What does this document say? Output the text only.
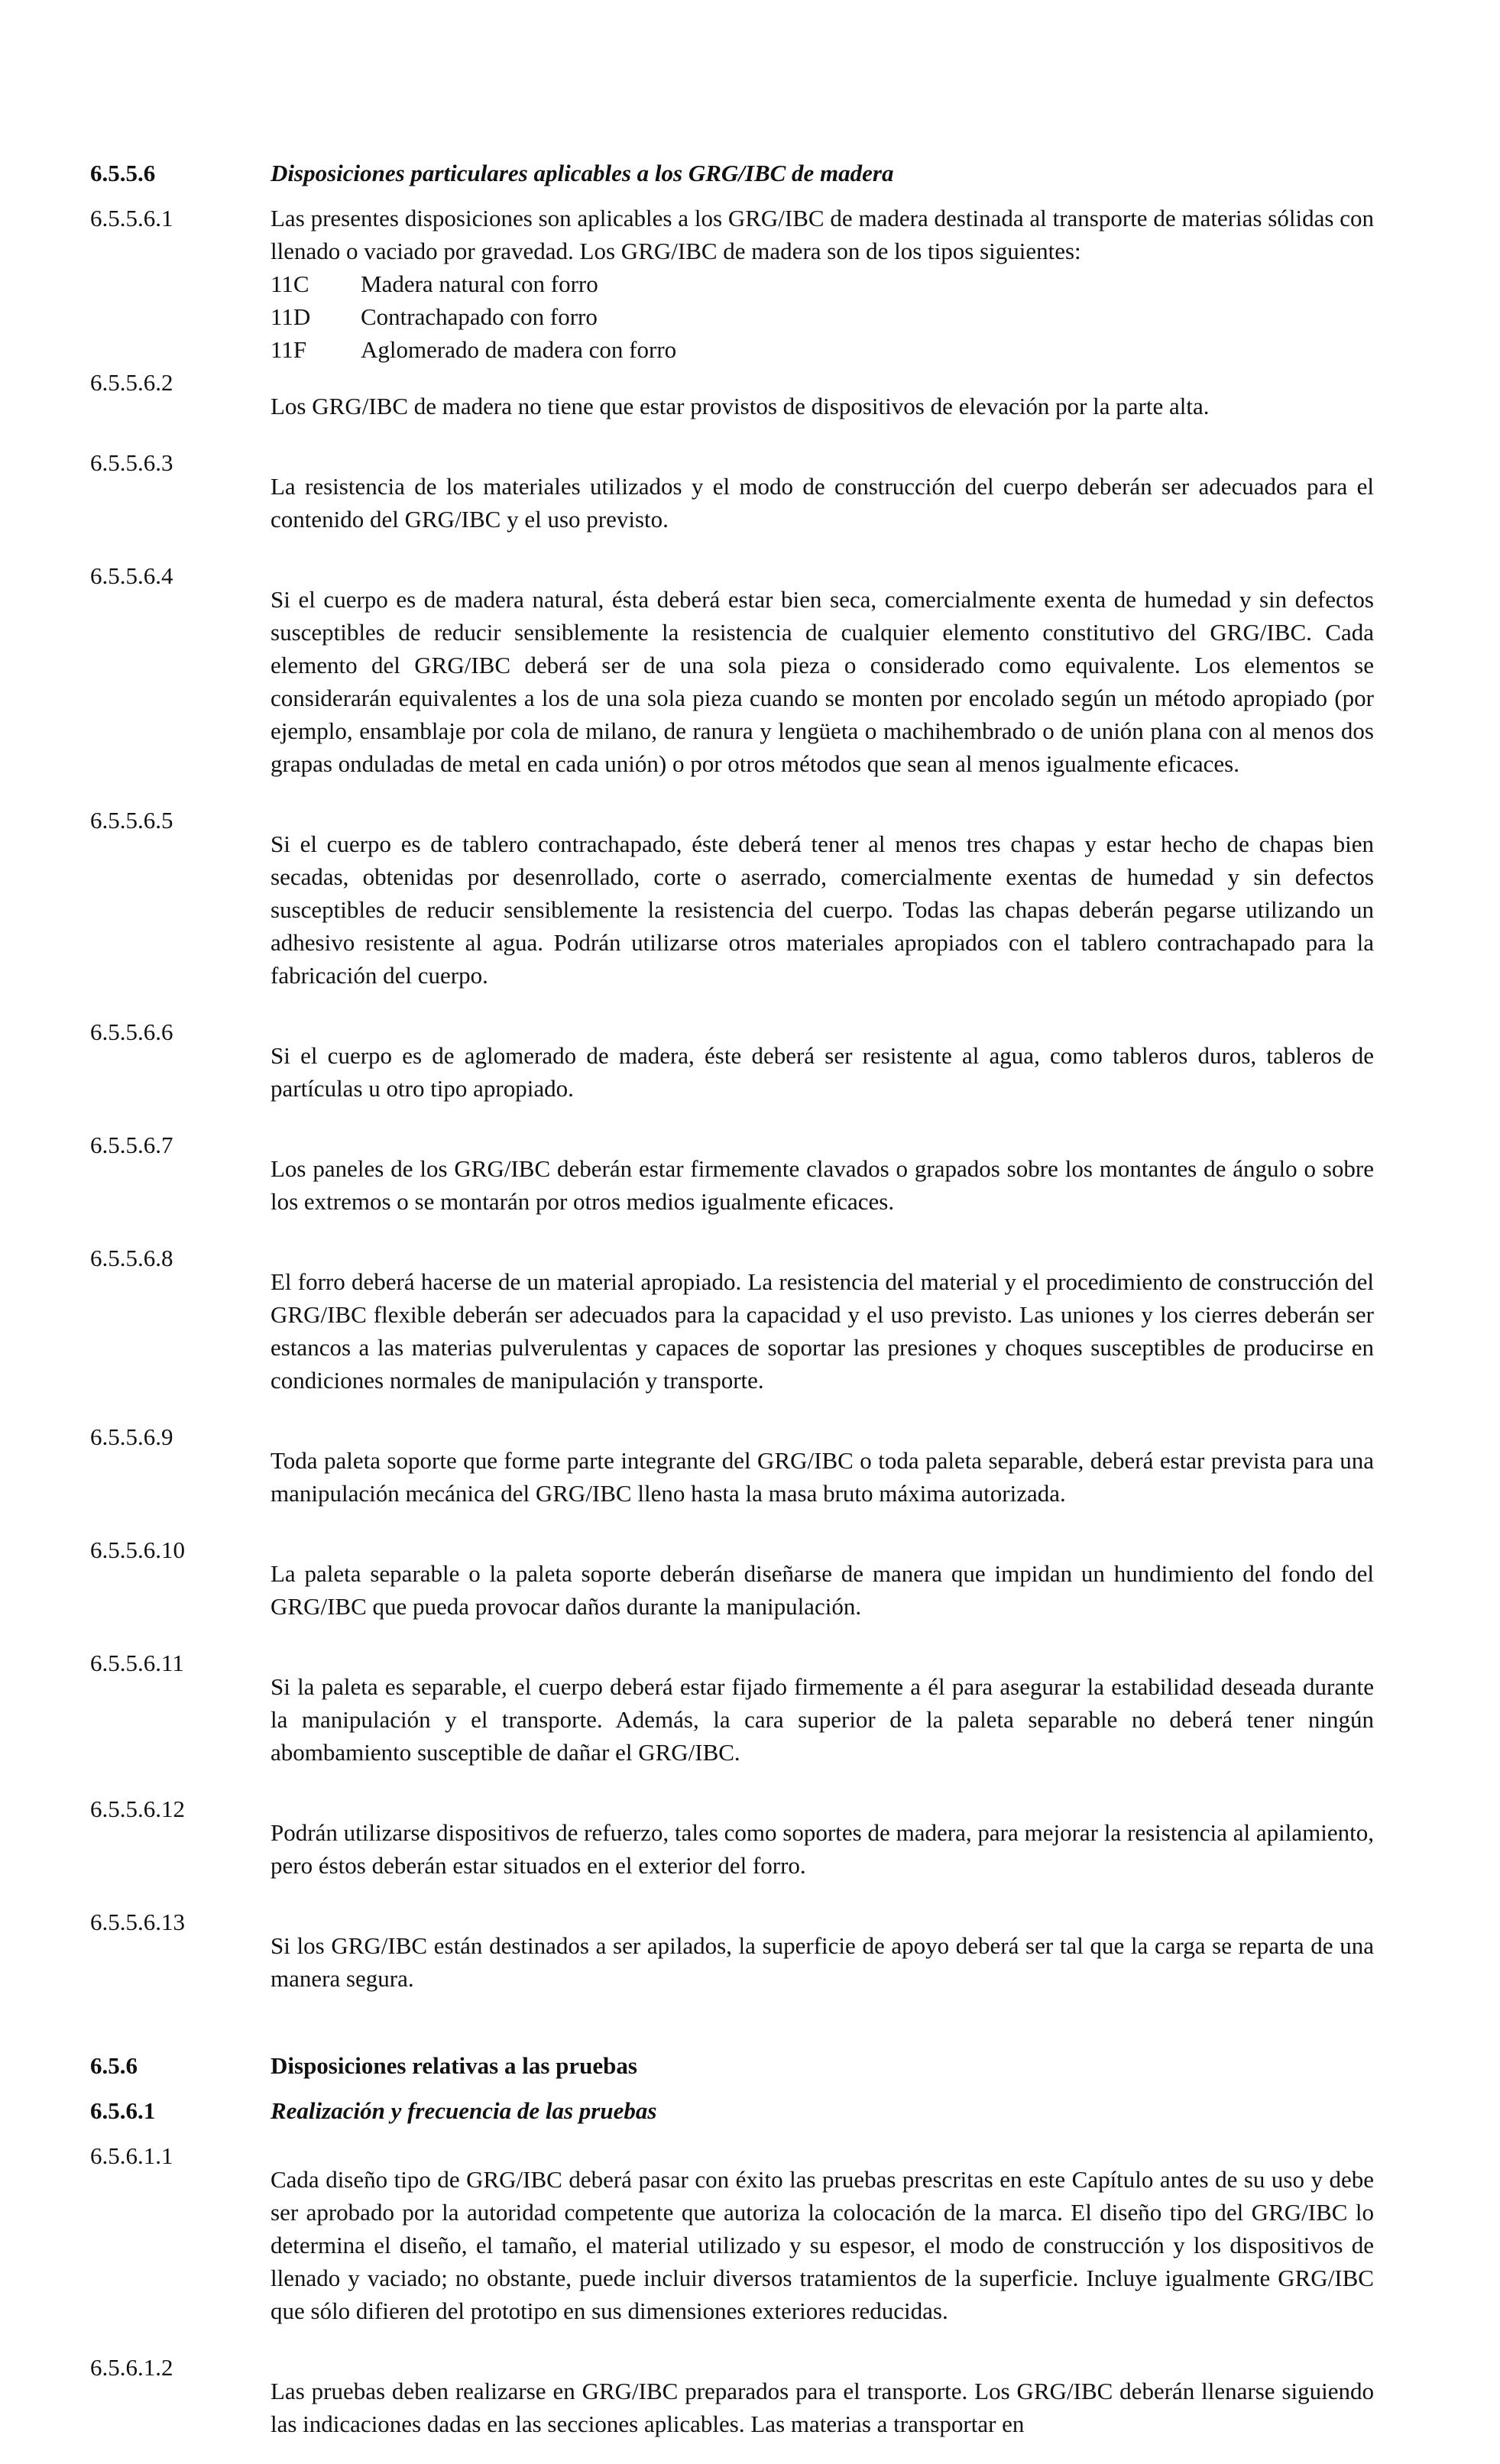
6.5.5.6	Disposiciones particulares aplicables a los GRG/IBC de madera
6.5.5.6.1	Las presentes disposiciones son aplicables a los GRG/IBC de madera destinada al transporte de materias sólidas con llenado o vaciado por gravedad. Los GRG/IBC de madera son de los tipos siguientes:

11C	Madera natural con forro
11D	Contrachapado con forro
11F	Aglomerado de madera con forro
6.5.5.6.2

Los GRG/IBC de madera no tiene que estar provistos de dispositivos de elevación por la parte alta.

6.5.5.6.3

La resistencia de los materiales utilizados y el modo de construcción del cuerpo deberán ser adecuados para el contenido del GRG/IBC y el uso previsto.

6.5.5.6.4

Si el cuerpo es de madera natural, ésta deberá estar bien seca, comercialmente exenta de humedad y sin defectos susceptibles de reducir sensiblemente la resistencia de cualquier elemento constitutivo del GRG/IBC. Cada elemento del GRG/IBC deberá ser de una sola pieza o considerado como equivalente. Los elementos se considerarán equivalentes a los de una sola pieza cuando se monten por encolado según un método apropiado (por ejemplo, ensamblaje por cola de milano, de ranura y lengüeta o machihembrado o de unión plana con al menos dos grapas onduladas de metal en cada unión) o por otros métodos que sean al menos igualmente eficaces.

6.5.5.6.5

Si el cuerpo es de tablero contrachapado, éste deberá tener al menos tres chapas y estar hecho de chapas bien secadas, obtenidas por desenrollado, corte o aserrado, comercialmente exentas de humedad y sin defectos susceptibles de reducir sensiblemente la resistencia del cuerpo. Todas las chapas deberán pegarse utilizando un adhesivo resistente al agua. Podrán utilizarse otros materiales apropiados con el tablero contrachapado para la fabricación del cuerpo.

6.5.5.6.6

Si el cuerpo es de aglomerado de madera, éste deberá ser resistente al agua, como tableros duros, tableros de partículas u otro tipo apropiado.

6.5.5.6.7

Los paneles de los GRG/IBC deberán estar firmemente clavados o grapados sobre los montantes de ángulo o sobre los extremos o se montarán por otros medios igualmente eficaces.

6.5.5.6.8

El forro deberá hacerse de un material apropiado. La resistencia del material y el procedimiento de construcción del GRG/IBC flexible deberán ser adecuados para la capacidad y el uso previsto. Las uniones y los cierres deberán ser estancos a las materias pulverulentas y capaces de soportar las presiones y choques susceptibles de producirse en condiciones normales de manipulación y transporte.

6.5.5.6.9

Toda paleta soporte que forme parte integrante del GRG/IBC o toda paleta separable, deberá estar prevista para una manipulación mecánica del GRG/IBC lleno hasta la masa bruto máxima autorizada.

6.5.5.6.10

La paleta separable o la paleta soporte deberán diseñarse de manera que impidan un hundimiento del fondo del GRG/IBC que pueda provocar daños durante la manipulación.

6.5.5.6.11

Si la paleta es separable, el cuerpo deberá estar fijado firmemente a él para asegurar la estabilidad deseada durante la manipulación y el transporte. Además, la cara superior de la paleta separable no deberá tener ningún abombamiento susceptible de dañar el GRG/IBC.

6.5.5.6.12

Podrán utilizarse dispositivos de refuerzo, tales como soportes de madera, para mejorar la resistencia al apilamiento, pero éstos deberán estar situados en el exterior del forro.

6.5.5.6.13

Si los GRG/IBC están destinados a ser apilados, la superficie de apoyo deberá ser tal que la carga se reparta de una manera segura.

6.5.6	Disposiciones relativas a las pruebas
6.5.6.1	Realización y frecuencia de las pruebas
6.5.6.1.1

Cada diseño tipo de GRG/IBC deberá pasar con éxito las pruebas prescritas en este Capítulo antes de su uso y debe ser aprobado por la autoridad competente que autoriza la colocación de la marca. El diseño tipo del GRG/IBC lo determina el diseño, el tamaño, el material utilizado y su espesor, el modo de construcción y los dispositivos de llenado y vaciado; no obstante, puede incluir diversos tratamientos de la superficie. Incluye igualmente GRG/IBC que sólo difieren del prototipo en sus dimensiones exteriores reducidas.

6.5.6.1.2

Las pruebas deben realizarse en GRG/IBC preparados para el transporte. Los GRG/IBC deberán llenarse siguiendo las indicaciones dadas en las secciones aplicables. Las materias a transportar en
